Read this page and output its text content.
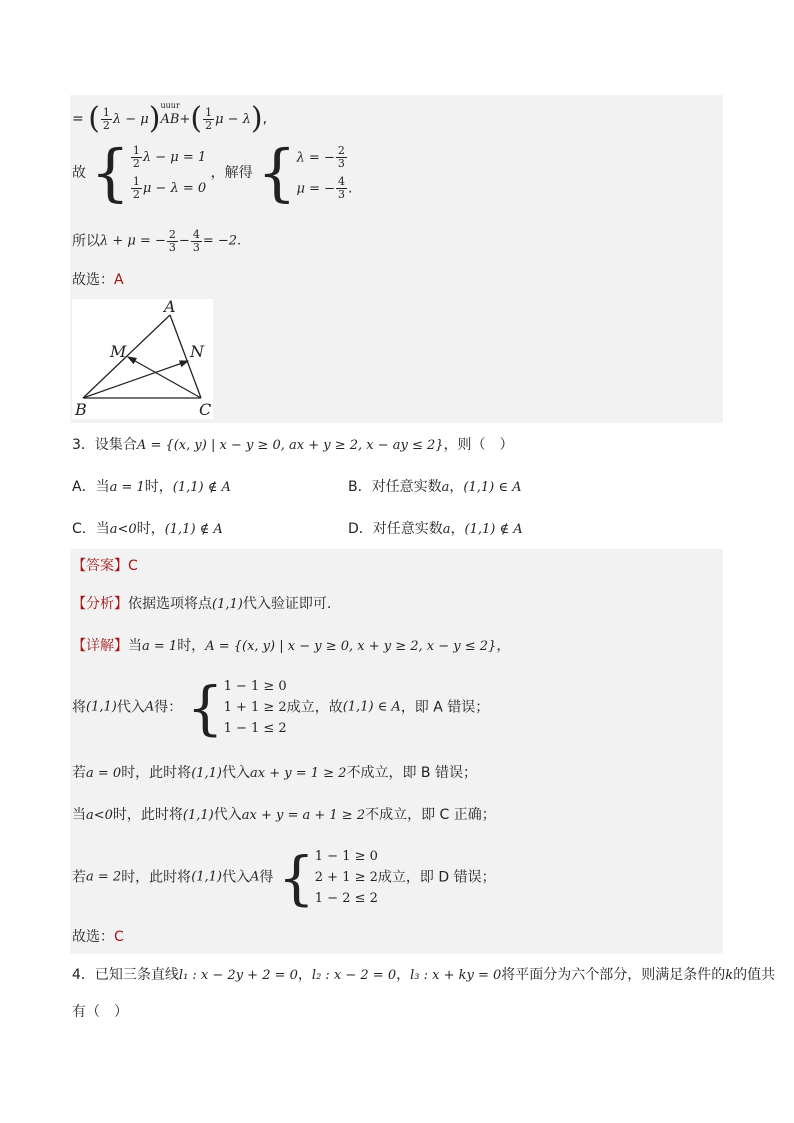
= ( $\frac{1}{2}$ λ − μ) uuur
$AB+( \frac{1}{2}$ μ − λ),
故 { $\frac{1}{2}$ λ − μ = 1
$\frac{1}{2}$ μ − λ = 0
，解得 { λ = − $\frac{2}{3}$
μ = − $\frac{4}{3}$ .
所以λ + μ = − $\frac{2}{3} - \frac{4}{3} = -2$.
故选：A
A
M	N
B	C
3．设集合A = {(x, y) | x − y ≥ 0, ax + y ≥ 2, x − ay ≤ 2}，则（　）
A．当a = 1时，(1,1) ∉ A	B．对任意实数a，(1,1) ∈ A
C．当a<0时，(1,1) ∉ A	D．对任意实数a，(1,1) ∉ A
【答案】C
【分析】依据选项将点(1,1)代入验证即可.
【详解】当a = 1时，A = {(x, y) | x − y ≥ 0, x + y ≥ 2, x − y ≤ 2}，
将(1,1)代入A得： { 1 − 1 ≥ 0
1 + 1 ≥ 2
1 − 1 ≤ 2
成立，故(1,1) ∈ A，即 A 错误；
若a = 0时，此时将(1,1)代入ax + y = 1 ≥ 2不成立，即 B 错误；
当a<0时，此时将(1,1)代入ax + y = a + 1 ≥ 2不成立，即 C 正确；
若a = 2时，此时将(1,1)代入A得 { 1 − 1 ≥ 0
2 + 1 ≥ 2
1 − 2 ≤ 2
成立，即 D 错误；
故选：C
4．已知三条直线l₁ : x − 2y + 2 = 0，l₂ : x − 2 = 0，l₃ : x + ky = 0将平面分为六个部分，则满足条件的k的值共
有（　）
